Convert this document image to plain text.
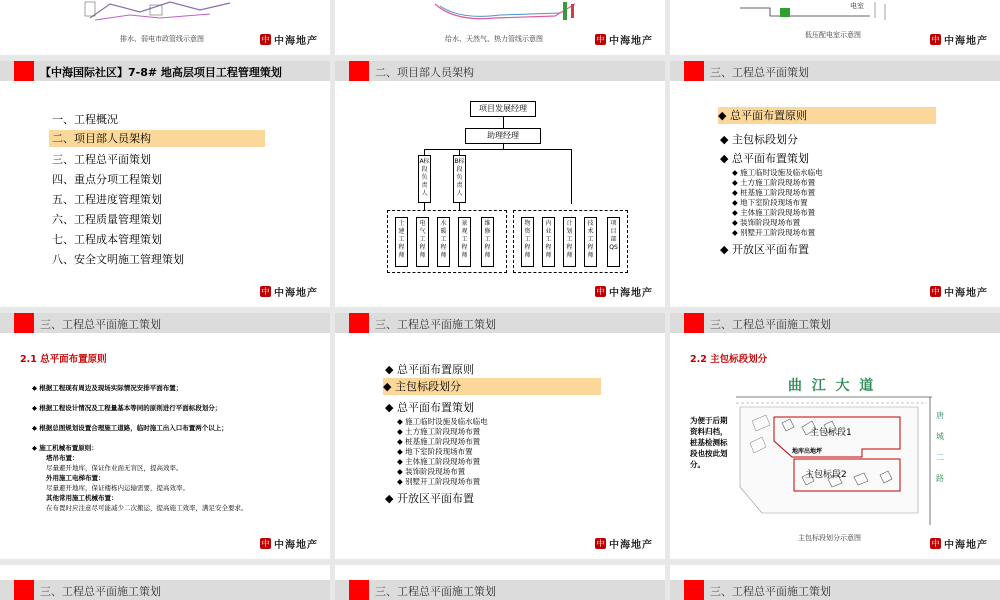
排水、弱电市政管线示意图	中 中海地产	给水、天然气、热力管线示意图	中 中海地产
电室
低压配电室示意图	中 中海地产
【中海国际社区】7-8# 地高层项目工程管理策划
一、工程概况
二、项目部人员架构
三、工程总平面策划
四、重点分项工程策划
五、工程进度管理策划
六、工程质量管理策划
七、工程成本管理策划
八、安全文明施工管理策划
中 中海地产
二、项目部人员架构
项目发展经理
助理经理
A标段负责人
B标段负责人
土建工程师
电气工程师
水暖工程师
景观工程师
维修工程师
物资工程师
内业工程师
计划工程师
技术工程师
项目部QS
中 中海地产
三、工程总平面策划
◆ 总平面布置原则
◆ 主包标段划分
◆ 总平面布置策划
◆ 施工临时设施及临水临电
◆ 土方施工阶段现场布置
◆ 桩基施工阶段现场布置
◆ 地下室阶段现场布置
◆ 主体施工阶段现场布置
◆ 装饰阶段现场布置
◆ 别墅开工阶段现场布置
◆ 开放区平面布置
中 中海地产
三、工程总平面施工策划
2.1 总平面布置原则
◆ 根据工程现有周边及现场实际情况安排平面布置；
◆ 根据工程设计情况及工程量基本等同的原则进行平面标段划分；
◆ 根据总图规划设置合理施工道路，临时施工出入口布置两个以上；
◆ 施工机械布置原则：
塔吊布置：
尽量避开地库，保证作业面无盲区，提高效率。
外用施工电梯布置：
尽量避开地库，保证楼栋内运输需要，提高效率。
其他常用施工机械布置：
在布置时应注意尽可能减少二次搬运，提高施工效率，满足安全要求。
中 中海地产
三、工程总平面施工策划
◆ 总平面布置原则
◆ 主包标段划分
◆ 总平面布置策划
◆ 施工临时设施及临水临电
◆ 土方施工阶段现场布置
◆ 桩基施工阶段现场布置
◆ 地下室阶段现场布置
◆ 主体施工阶段现场布置
◆ 装饰阶段现场布置
◆ 别墅开工阶段现场布置
◆ 开放区平面布置
中 中海地产
三、工程总平面施工策划
2.2 主包标段划分
曲  江  大  道
为便于后期资料归档，桩基检测标段也按此划分。
唐
城
二
路
主包标段1
地库出地坪
主包标段2
主包标段划分示意图
中 中海地产
三、工程总平面施工策划	三、工程总平面施工策划	三、工程总平面施工策划
